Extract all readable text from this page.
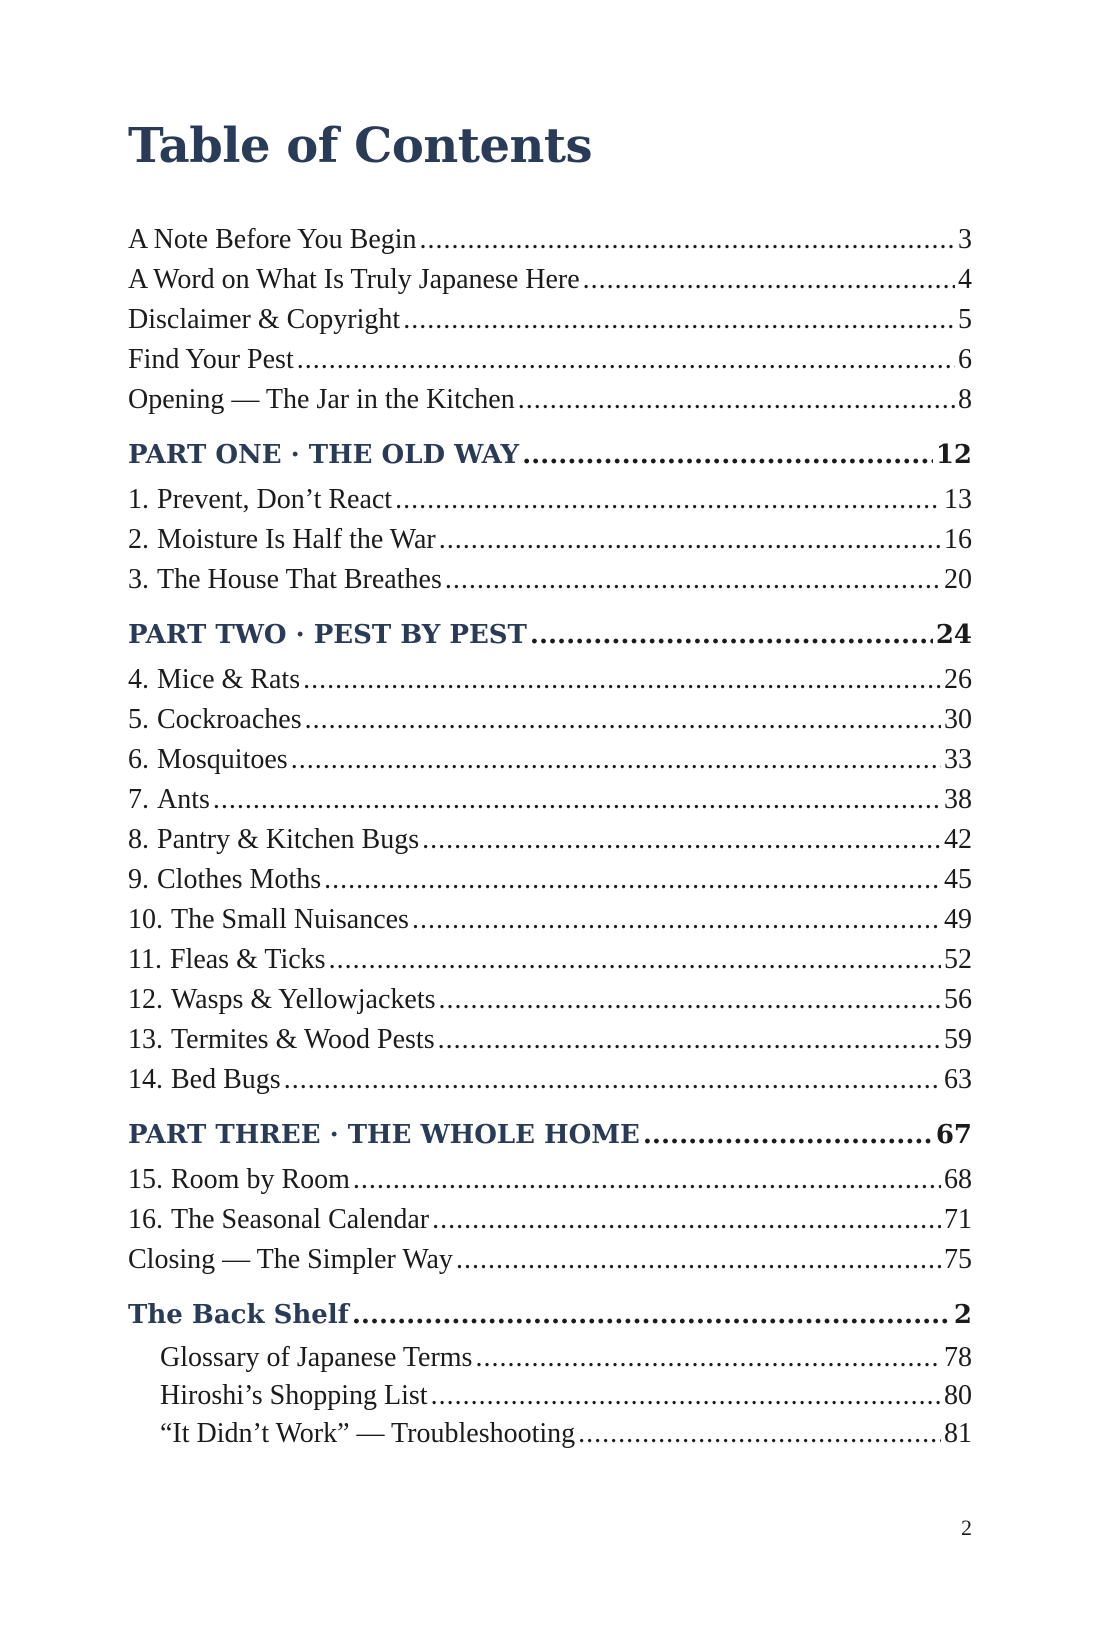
Table of Contents
A Note Before You Begin .....	3
A Word on What Is Truly Japanese Here .....	4
Disclaimer & Copyright .....	5
Find Your Pest .....	6
Opening — The Jar in the Kitchen .....	8
PART ONE · THE OLD WAY .....	12
1. Prevent, Don’t React .....	13
2. Moisture Is Half the War .....	16
3. The House That Breathes .....	20
PART TWO · PEST BY PEST .....	24
4. Mice & Rats .....	26
5. Cockroaches .....	30
6. Mosquitoes .....	33
7. Ants .....	38
8. Pantry & Kitchen Bugs .....	42
9. Clothes Moths .....	45
10. The Small Nuisances .....	49
11. Fleas & Ticks .....	52
12. Wasps & Yellowjackets .....	56
13. Termites & Wood Pests .....	59
14. Bed Bugs .....	63
PART THREE · THE WHOLE HOME .....	67
15. Room by Room .....	68
16. The Seasonal Calendar .....	71
Closing — The Simpler Way .....	75
The Back Shelf .....	2
Glossary of Japanese Terms .....	78
Hiroshi’s Shopping List .....	80
“It Didn’t Work” — Troubleshooting .....	81
2
